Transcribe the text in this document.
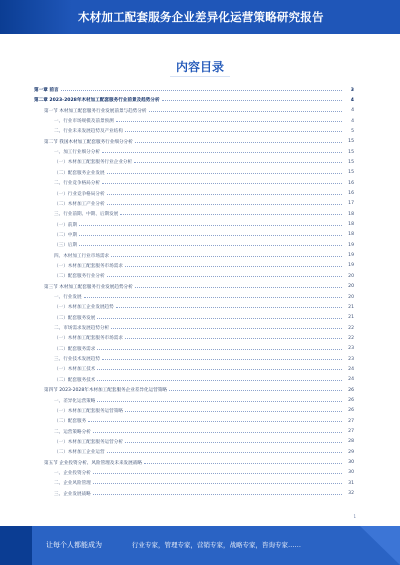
木材加工配套服务企业差异化运营策略研究报告
内容目录
第一章 前言	3
第二章 2023-2028年木材加工配套服务行业前景及趋势分析	4
第一节 木材加工配套服务行业发展前景与趋势分析	4
一、行业市场规模及前景预测	4
二、行业未来发展趋势及产业结构	5
第二节 我国木材加工配套服务行业细分分析	15
一、加工行业细分分析	15
（一）木材加工配套服务行业企业分析	15
（二）配套服务企业发展	15
二、行业竞争格局分析	16
（一）行业竞争格局分析	16
（二）木材加工产业分析	17
三、行业前期、中期、后期发展	18
（一）前期	18
（二）中期	18
（三）后期	19
四、木材加工行业市场需求	19
（一）木材加工配套服务市场需求	19
（二）配套服务行业分析	20
第三节 木材加工配套服务行业发展趋势分析	20
一、行业发展	20
（一）木材加工企业发展趋势	21
（二）配套服务发展	21
二、市场需求发展趋势分析	22
（一）木材加工配套服务市场需求	22
（二）配套服务需求	23
三、行业技术发展趋势	23
（一）木材加工技术	24
（二）配套服务技术	24
第四节 2023-2028年木材加工配套服务企业差异化运营策略	26
一、差异化运营策略	26
（一）木材加工配套服务运营策略	26
（二）配套服务	27
二、运营策略分析	27
（一）木材加工配套服务运营分析	28
（二）木材加工企业运营	29
第五节 企业投资分析、风险管理及未来发展战略	30
一、企业投资分析	30
二、企业风险管理	31
三、企业发展战略	32
1
让每个人都能成为	行业专家，管理专家，营销专家，战略专家，咨询专家……
